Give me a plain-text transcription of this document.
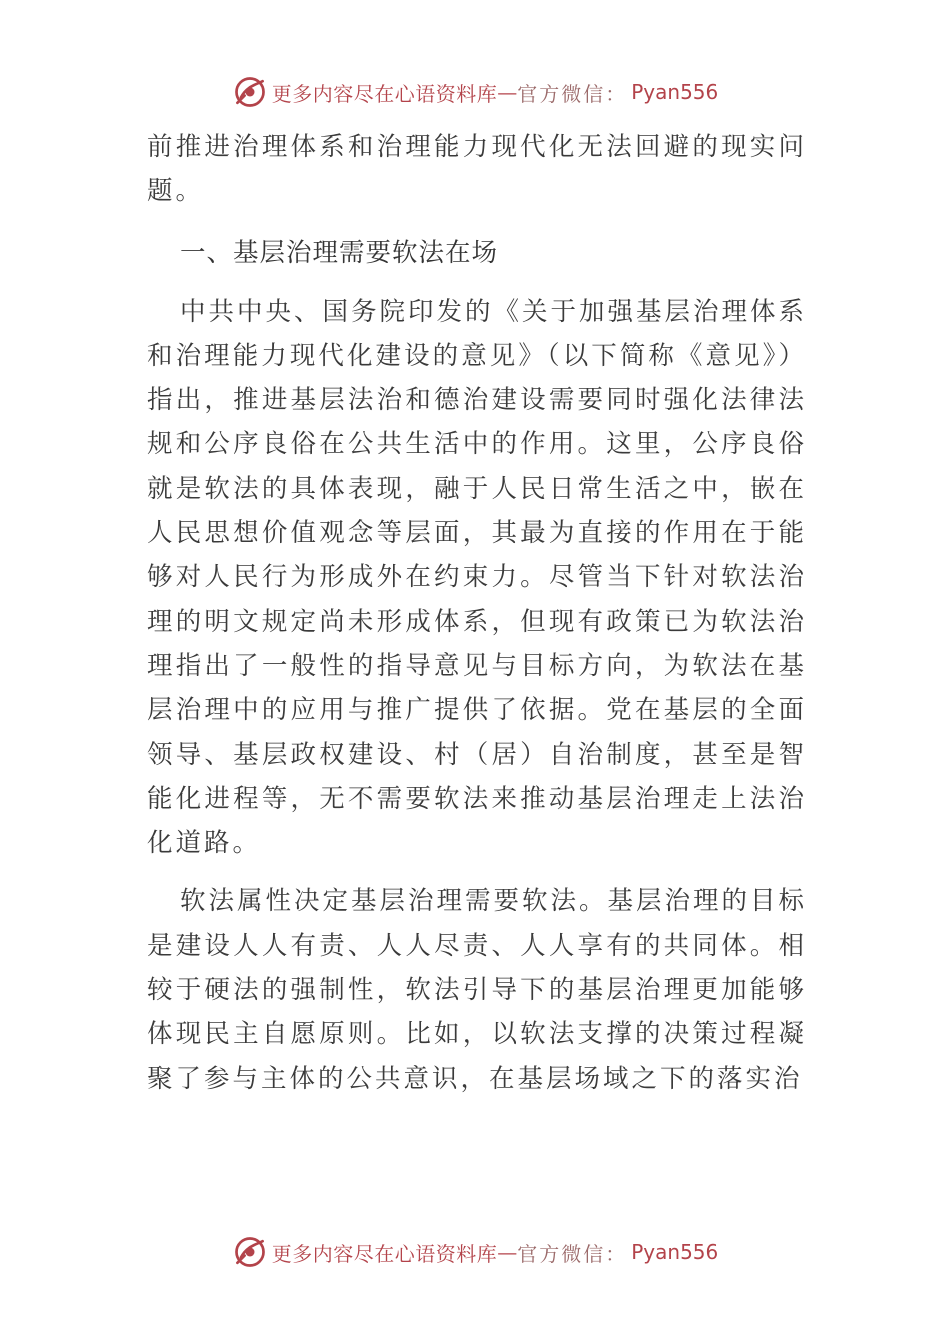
更多内容尽在心语资料库 — 官方微信： Pyan556

前推进治理体系和治理能力现代化无法回避的现实问题。

一、基层治理需要软法在场

中共中央、国务院印发的《关于加强基层治理体系和治理能力现代化建设的意见》（以下简称《意见》）指出，推进基层法治和德治建设需要同时强化法律法规和公序良俗在公共生活中的作用。这里，公序良俗就是软法的具体表现，融于人民日常生活之中，嵌在人民思想价值观念等层面，其最为直接的作用在于能够对人民行为形成外在约束力。尽管当下针对软法治理的明文规定尚未形成体系，但现有政策已为软法治理指出了一般性的指导意见与目标方向，为软法在基层治理中的应用与推广提供了依据。党在基层的全面领导、基层政权建设、村（居）自治制度，甚至是智能化进程等，无不需要软法来推动基层治理走上法治化道路。

软法属性决定基层治理需要软法。基层治理的目标是建设人人有责、人人尽责、人人享有的共同体。相较于硬法的强制性，软法引导下的基层治理更加能够体现民主自愿原则。比如，以软法支撑的决策过程凝聚了参与主体的公共意识，在基层场域之下的落实治

更多内容尽在心语资料库 — 官方微信： Pyan556
